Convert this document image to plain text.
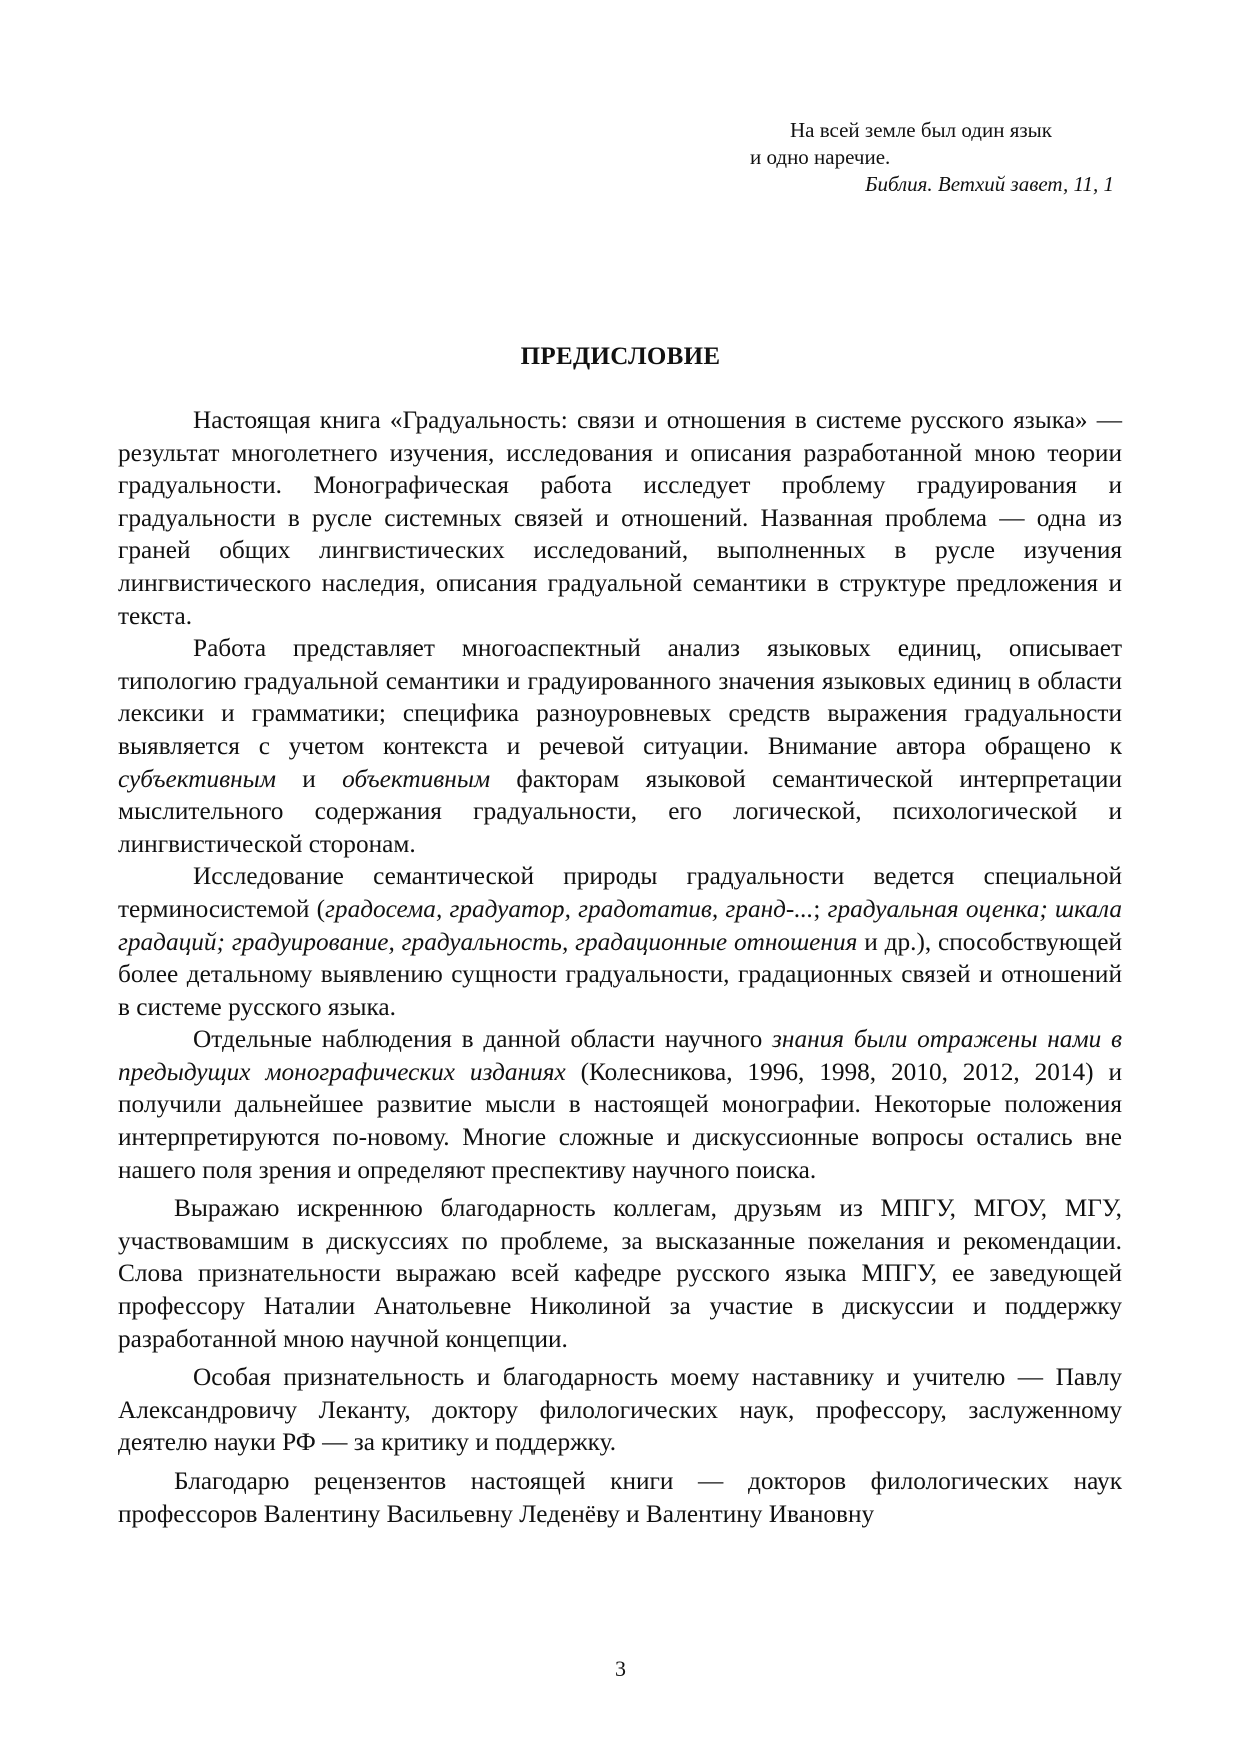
На всей земле был один язык
и одно наречие.
Библия. Ветхий завет, 11, 1
ПРЕДИСЛОВИЕ

Настоящая книга «Градуальность: связи и отношения в системе русского языка» — результат многолетнего изучения, исследования и описания разработанной мною теории градуальности. Монографическая работа исследует проблему градуирования и градуальности в русле системных связей и отношений. Названная проблема — одна из граней общих лингвистических исследований, выполненных в русле изучения лингвистического наследия, описания градуальной семантики в структуре предложения и текста.

Работа представляет многоаспектный анализ языковых единиц, описывает типологию градуальной семантики и градуированного значения языковых единиц в области лексики и грамматики; специфика разноуровневых средств выражения градуальности выявляется с учетом контекста и речевой ситуации. Внимание автора обращено к субъективным и объективным факторам языковой семантической интерпретации мыслительного содержания градуальности, его логической, психологической и лингвистической сторонам.

Исследование семантической природы градуальности ведется специальной терминосистемой (градосема, градуатор, градотатив, гранд-...; градуальная оценка; шкала градаций; градуирование, градуальность, градационные отношения и др.), способствующей более детальному выявлению сущности градуальности, градационных связей и отношений в системе русского языка.

Отдельные наблюдения в данной области научного знания были отражены нами в предыдущих монографических изданиях (Колесникова, 1996, 1998, 2010, 2012, 2014) и получили дальнейшее развитие мысли в настоящей монографии. Некоторые положения интерпретируются по-новому. Многие сложные и дискуссионные вопросы остались вне нашего поля зрения и определяют преспективу научного поиска.

Выражаю искреннюю благодарность коллегам, друзьям из МПГУ, МГОУ, МГУ, участвовамшим в дискуссиях по проблеме, за высказанные пожелания и рекомендации. Слова признательности выражаю всей кафедре русского языка МПГУ, ее заведующей профессору Наталии Анатольевне Николиной за участие в дискуссии и поддержку разработанной мною научной концепции.

Особая признательность и благодарность моему наставнику и учителю — Павлу Александровичу Леканту, доктору филологических наук, профессору, заслуженному деятелю науки РФ — за критику и поддержку.

Благодарю рецензентов настоящей книги — докторов филологических наук профессоров Валентину Васильевну Леденёву и Валентину Ивановну

3
